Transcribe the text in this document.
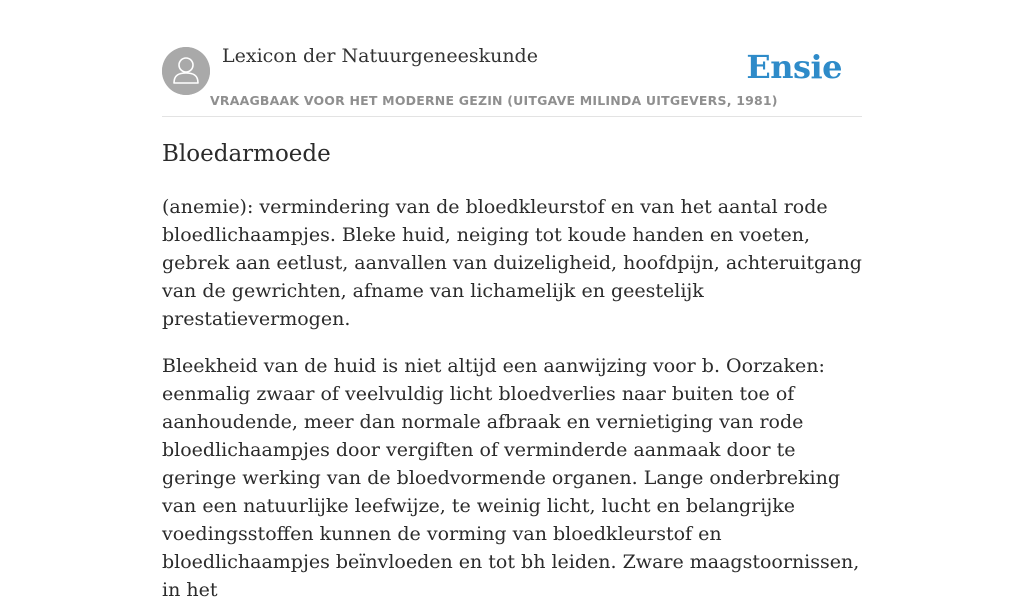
Lexicon der Natuurgeneeskunde
VRAAGBAAK VOOR HET MODERNE GEZIN (UITGAVE MILINDA UITGEVERS, 1981)
Ensie
Bloedarmoede

(anemie): vermindering van de bloedkleurstof en van het aantal rode bloedlichaampjes. Bleke huid, neiging tot koude handen en voeten, gebrek aan eetlust, aanvallen van duizeligheid, hoofdpijn, achteruitgang van de gewrichten, afname van lichamelijk en geestelijk prestatievermogen.

Bleekheid van de huid is niet altijd een aanwijzing voor b. Oorzaken: eenmalig zwaar of veelvuldig licht bloedverlies naar buiten toe of aanhoudende, meer dan normale afbraak en vernietiging van rode bloedlichaampjes door vergiften of verminderde aanmaak door te geringe werking van de bloedvormende organen. Lange onderbreking van een natuurlijke leefwijze, te weinig licht, lucht en belangrijke voedingsstoffen kunnen de vorming van bloedkleurstof en bloedlichaampjes beïnvloeden en tot bh leiden. Zware maagstoornissen, in het
